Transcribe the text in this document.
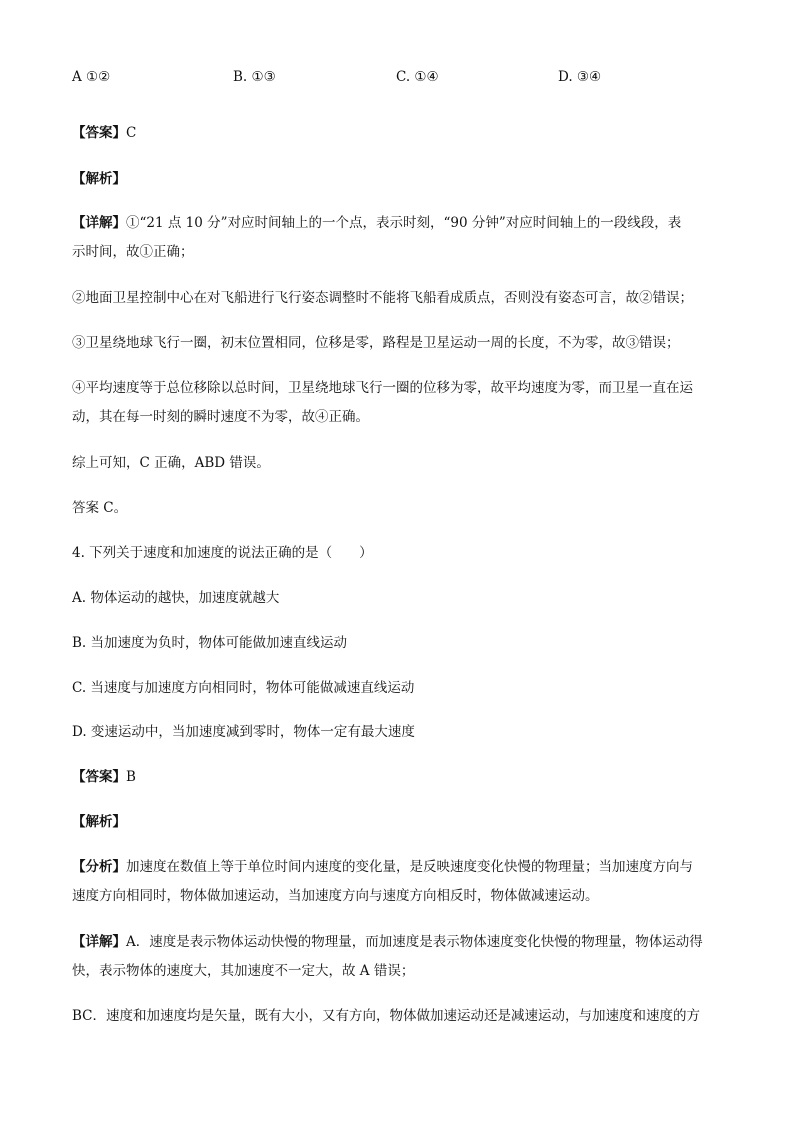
A ①②	B. ①③	C. ①④	D. ③④
【答案】C
【解析】
【详解】①“21 点 10 分”对应时间轴上的一个点，表示时刻，“90 分钟”对应时间轴上的一段线段，表
示时间，故①正确；
②地面卫星控制中心在对飞船进行飞行姿态调整时不能将飞船看成质点，否则没有姿态可言，故②错误；
③卫星绕地球飞行一圈，初末位置相同，位移是零，路程是卫星运动一周的长度，不为零，故③错误；
④平均速度等于总位移除以总时间，卫星绕地球飞行一圈的位移为零，故平均速度为零，而卫星一直在运
动，其在每一时刻的瞬时速度不为零，故④正确。
综上可知，C 正确，ABD 错误。
答案 C。
4. 下列关于速度和加速度的说法正确的是（　　）
A. 物体运动的越快，加速度就越大
B. 当加速度为负时，物体可能做加速直线运动
C. 当速度与加速度方向相同时，物体可能做减速直线运动
D. 变速运动中，当加速度减到零时，物体一定有最大速度
【答案】B
【解析】
【分析】加速度在数值上等于单位时间内速度的变化量，是反映速度变化快慢的物理量；当加速度方向与
速度方向相同时，物体做加速运动，当加速度方向与速度方向相反时，物体做减速运动。
【详解】A．速度是表示物体运动快慢的物理量，而加速度是表示物体速度变化快慢的物理量，物体运动得
快，表示物体的速度大，其加速度不一定大，故 A 错误；
BC．速度和加速度均是矢量，既有大小，又有方向，物体做加速运动还是减速运动，与加速度和速度的方
